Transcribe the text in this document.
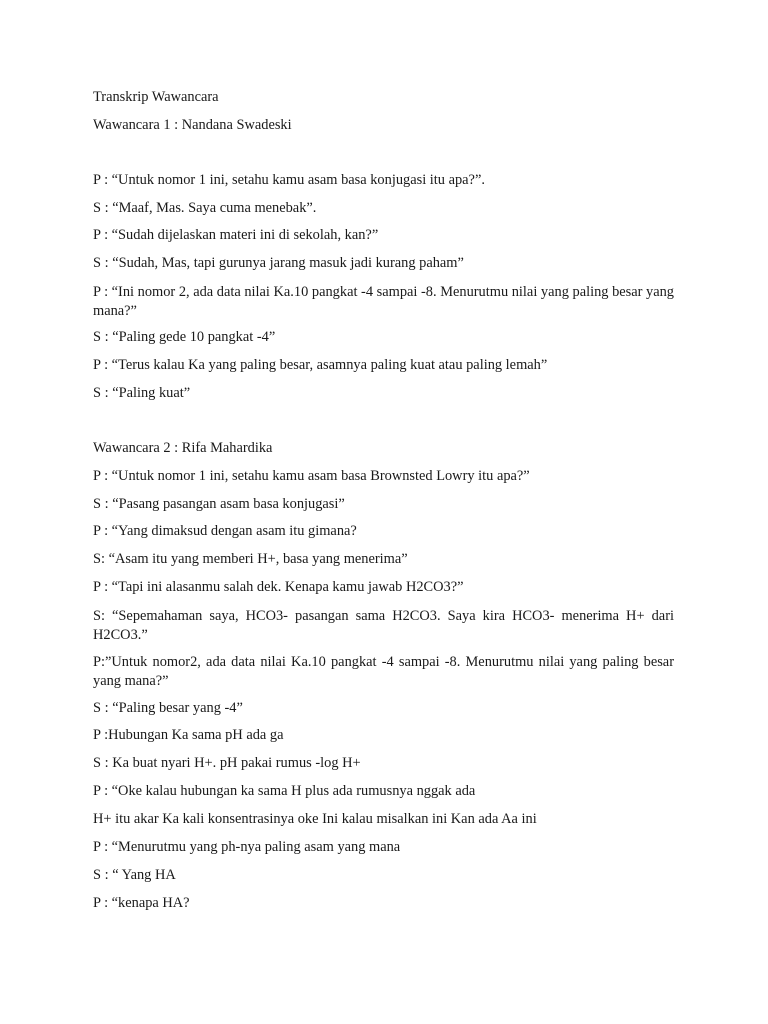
Transkrip Wawancara
Wawancara 1 : Nandana Swadeski
P : “Untuk nomor 1 ini, setahu kamu asam basa konjugasi itu apa?”.
S : “Maaf, Mas. Saya cuma menebak”.
P : “Sudah dijelaskan materi ini di sekolah, kan?”
S : “Sudah, Mas, tapi gurunya jarang masuk jadi kurang paham”
P : “Ini nomor 2, ada data nilai Ka.10 pangkat -4 sampai -8. Menurutmu nilai yang paling besar yang mana?”
S : “Paling gede 10 pangkat -4”
P : “Terus kalau Ka yang paling besar, asamnya paling kuat atau paling lemah”
S : “Paling kuat”
Wawancara 2 : Rifa Mahardika
P : “Untuk nomor 1 ini, setahu kamu asam basa Brownsted Lowry itu apa?”
S : “Pasang pasangan asam basa konjugasi”
P : “Yang dimaksud dengan asam itu gimana?
S: “Asam itu yang memberi H+, basa yang menerima”
P : “Tapi ini alasanmu salah dek. Kenapa kamu jawab H2CO3?”
S: “Sepemahaman saya, HCO3- pasangan sama H2CO3. Saya kira HCO3- menerima H+ dari H2CO3.”
P:”Untuk nomor2, ada data nilai Ka.10 pangkat -4 sampai -8. Menurutmu nilai yang paling besar yang mana?”
S : “Paling besar yang -4”
P :Hubungan Ka sama pH ada ga
S : Ka buat nyari H+. pH pakai rumus -log H+
P : “Oke kalau hubungan ka sama H plus ada rumusnya nggak ada
H+ itu akar Ka kali konsentrasinya oke Ini kalau misalkan ini Kan ada Aa ini
P : “Menurutmu yang ph-nya paling asam yang mana
S : “ Yang HA
P : “kenapa HA?
